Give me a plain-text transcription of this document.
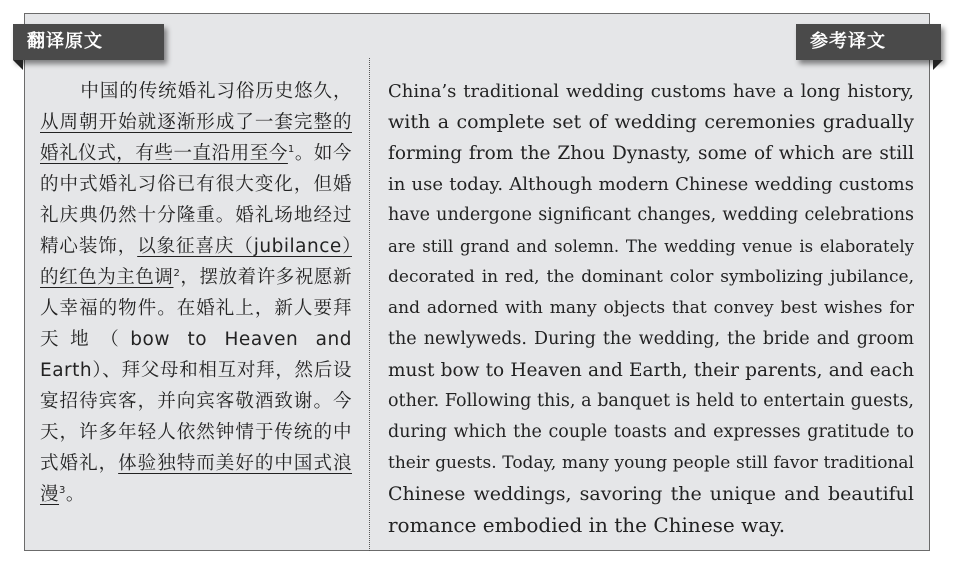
翻译原文	参考译文
中国的传统婚礼习俗历史悠久，从周朝开始就逐渐形成了一套完整的婚礼仪式，有些一直沿用至今$^1$。如今的中式婚礼习俗已有很大变化，但婚礼庆典仍然十分隆重。婚礼场地经过精心装饰，以象征喜庆（jubilance）的红色为主色调$^2$，摆放着许多祝愿新人幸福的物件。在婚礼上，新人要拜天地（bow to Heaven and Earth）、拜父母和相互对拜，然后设宴招待宾客，并向宾客敬酒致谢。今天，许多年轻人依然钟情于传统的中式婚礼，体验独特而美好的中国式浪漫$^3$。
China’s traditional wedding customs have a long history,
with a complete set of wedding ceremonies gradually
forming from the Zhou Dynasty, some of which are still
in use today. Although modern Chinese wedding customs
have undergone significant changes, wedding celebrations
are still grand and solemn. The wedding venue is elaborately
decorated in red, the dominant color symbolizing jubilance,
and adorned with many objects that convey best wishes for
the newlyweds. During the wedding, the bride and groom
must bow to Heaven and Earth, their parents, and each
other. Following this, a banquet is held to entertain guests,
during which the couple toasts and expresses gratitude to
their guests. Today, many young people still favor traditional
Chinese weddings, savoring the unique and beautiful
romance embodied in the Chinese way.
